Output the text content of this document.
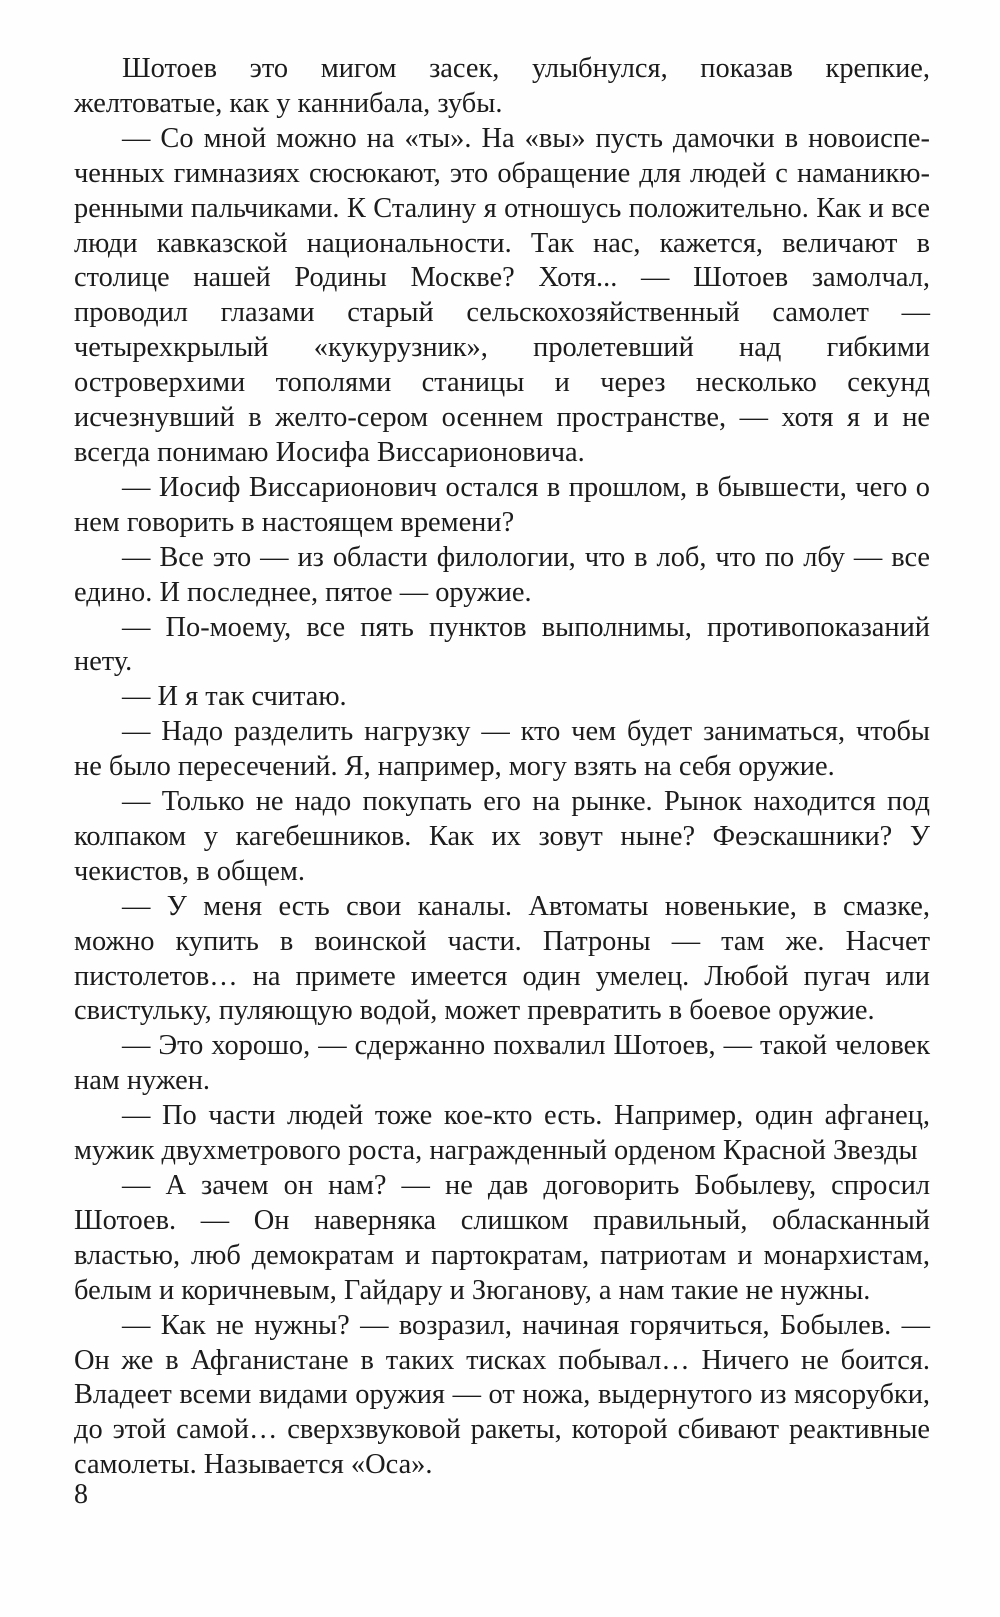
Шотоев это мигом засек, улыбнулся, показав крепкие, желтоватые, как у каннибала, зубы.

— Со мной можно на «ты». На «вы» пусть дамочки в новоиспеченных гимназиях сюсюкают, это обращение для людей с наманикюренными пальчиками. К Сталину я отношусь положительно. Как и все люди кавказской национальности. Так нас, кажется, величают в столице нашей Родины Москве? Хотя... — Шотоев замолчал, проводил глазами старый сельскохозяйственный самолет — четырехкрылый «кукурузник», пролетевший над гибкими островерхими тополями станицы и через несколько секунд исчезнувший в желто-сером осеннем пространстве, — хотя я и не всегда понимаю Иосифа Виссарионовича.

— Иосиф Виссарионович остался в прошлом, в бывшести, чего о нем говорить в настоящем времени?

— Все это — из области филологии, что в лоб, что по лбу — все едино. И последнее, пятое — оружие.

— По-моему, все пять пунктов выполнимы, противопоказаний нету.

— И я так считаю.

— Надо разделить нагрузку — кто чем будет заниматься, чтобы не было пересечений. Я, например, могу взять на себя оружие.

— Только не надо покупать его на рынке. Рынок находится под колпаком у кагебешников. Как их зовут ныне? Феэскашники? У чекистов, в общем.

— У меня есть свои каналы. Автоматы новенькие, в смазке, можно купить в воинской части. Патроны — там же. Насчет пистолетов… на примете имеется один умелец. Любой пугач или свистульку, пуляющую водой, может превратить в боевое оружие.

— Это хорошо, — сдержанно похвалил Шотоев, — такой человек нам нужен.

— По части людей тоже кое-кто есть. Например, один афганец, мужик двухметрового роста, награжденный орденом Красной Звезды

— А зачем он нам? — не дав договорить Бобылеву, спросил Шотоев. — Он наверняка слишком правильный, обласканный властью, люб демократам и партократам, патриотам и монархистам, белым и коричневым, Гайдару и Зюганову, а нам такие не нужны.

— Как не нужны? — возразил, начиная горячиться, Бобылев. — Он же в Афганистане в таких тисках побывал… Ничего не боится. Владеет всеми видами оружия — от ножа, выдернутого из мясорубки, до этой самой… сверхзвуковой ракеты, которой сбивают реактивные самолеты. Называется «Оса».

8
